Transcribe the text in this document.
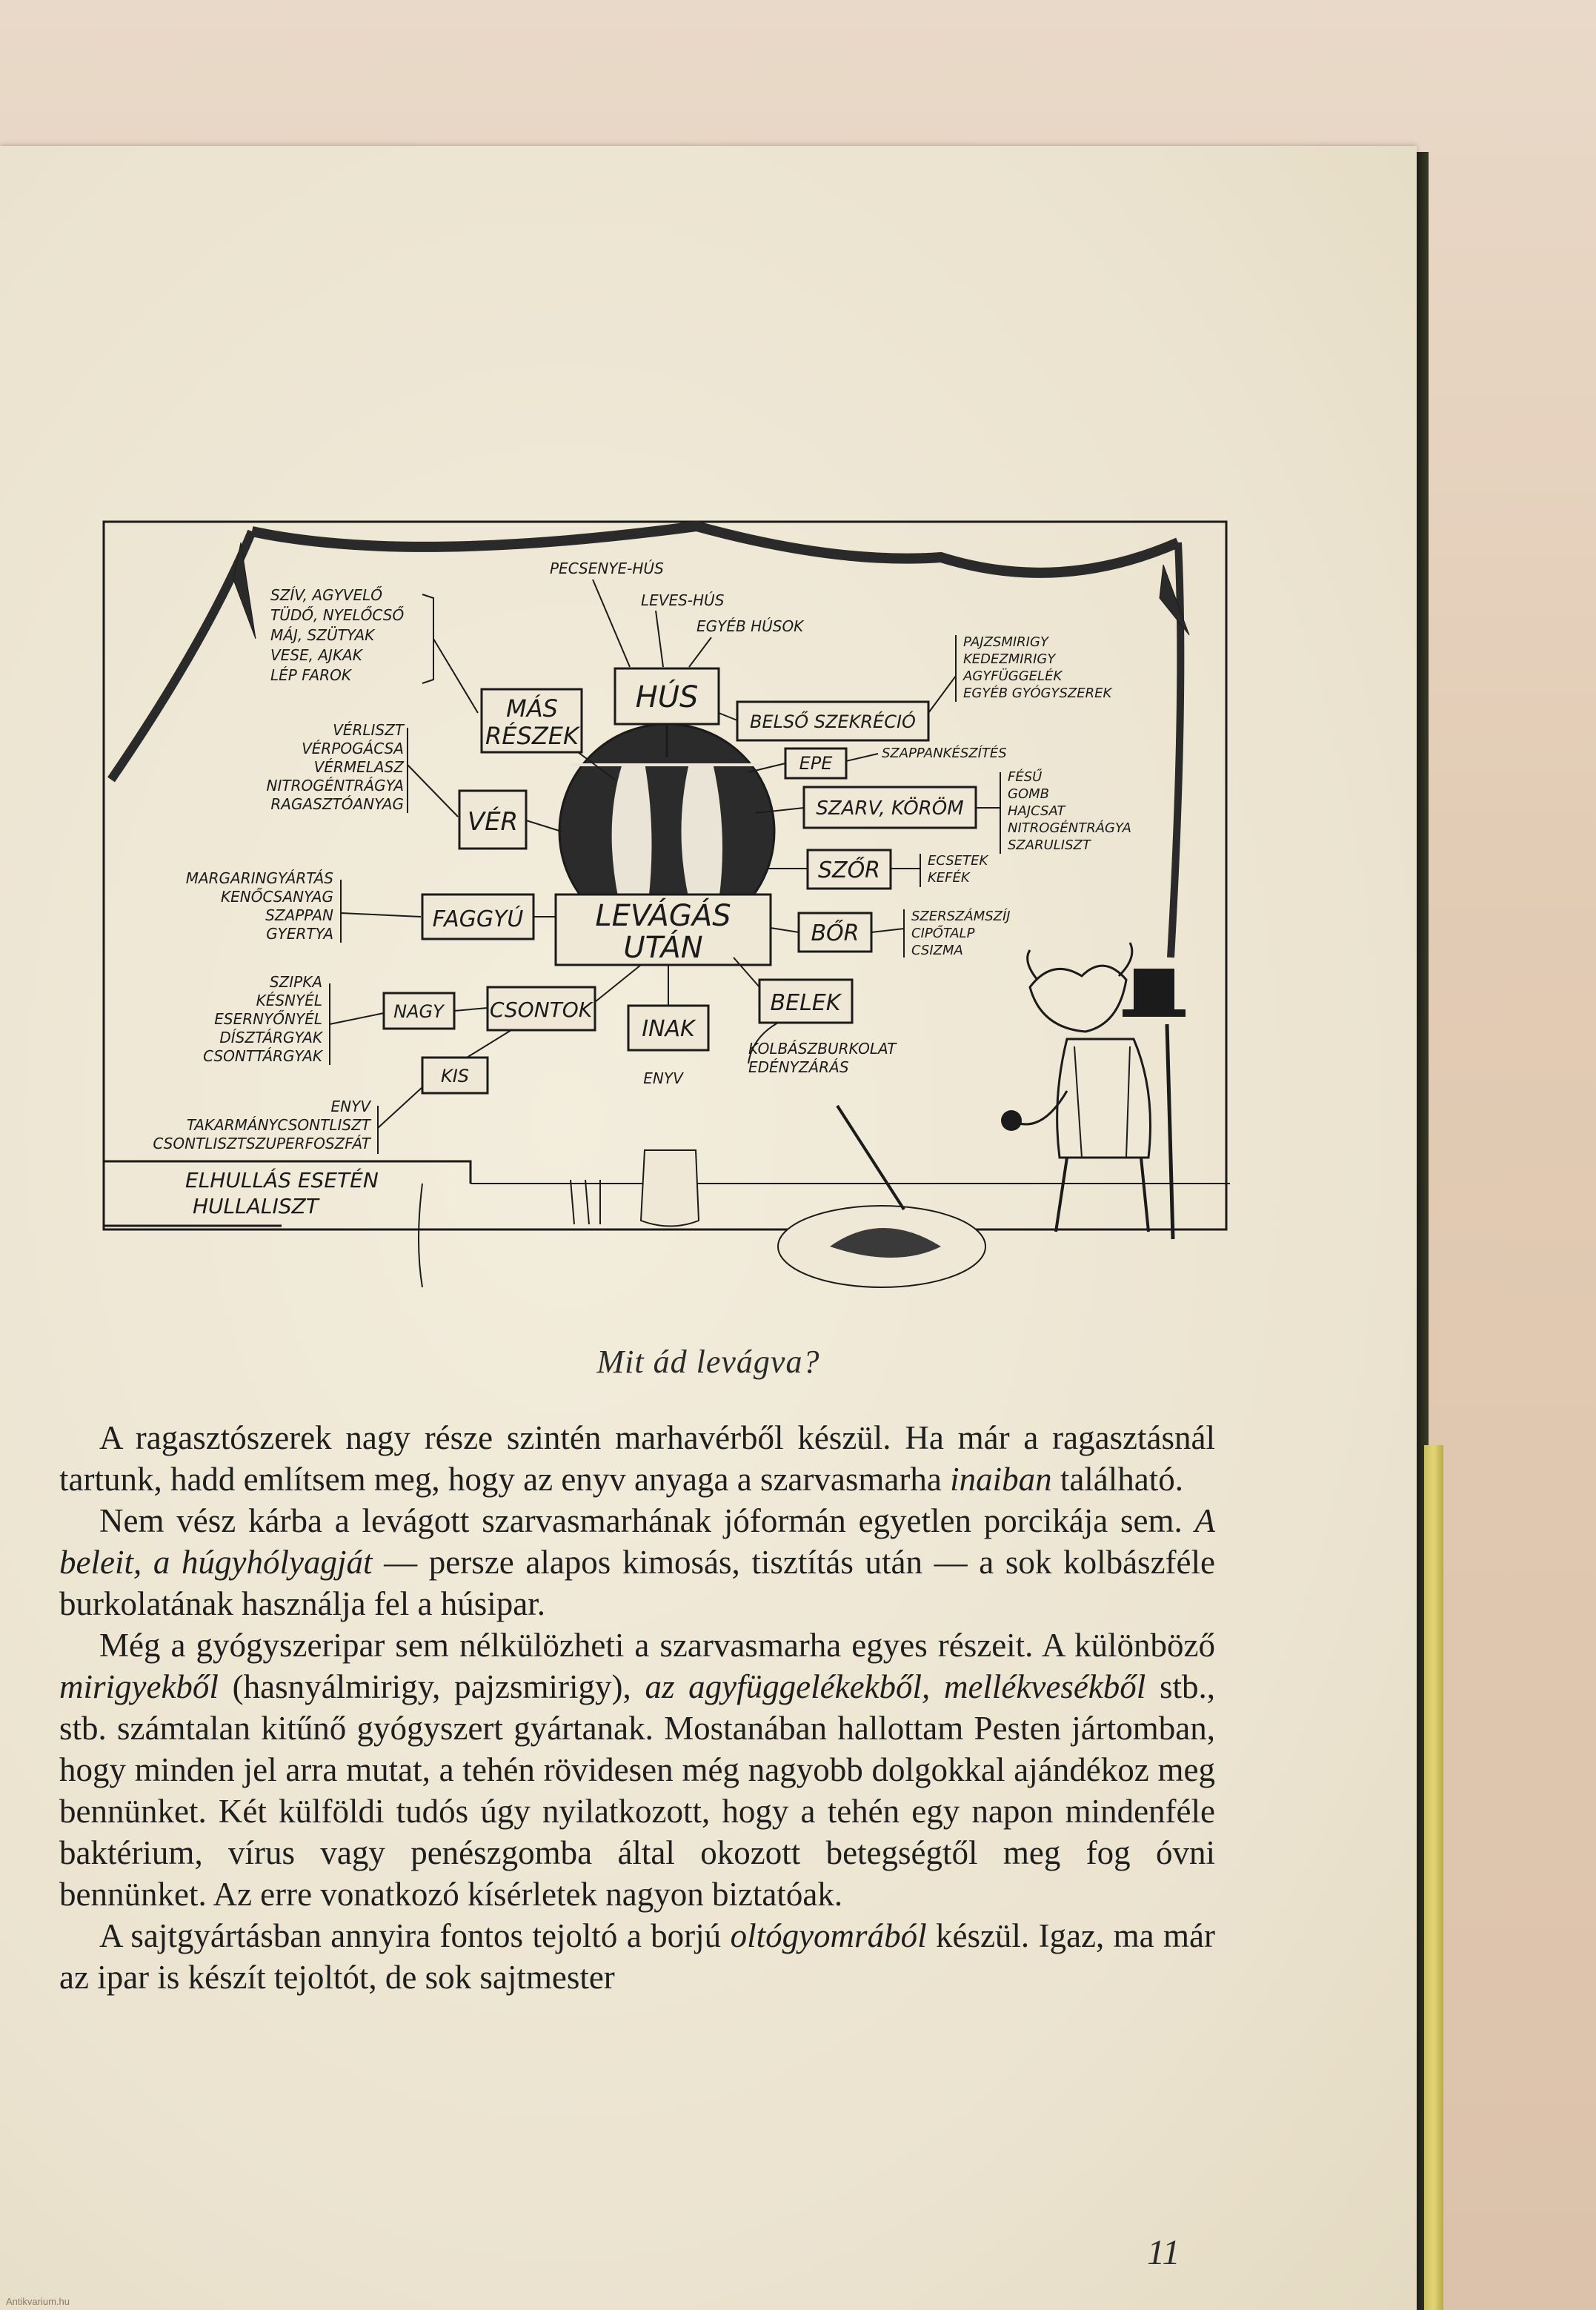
LEVÁGÁS
UTÁN
HÚS
PECSENYE-HÚS
LEVES-HÚS
EGYÉB HÚSOK
MÁS
RÉSZEK
SZÍV, AGYVELŐ
TÜDŐ, NYELŐCSŐ
MÁJ, SZÜTYAK
VESE, AJKAK
LÉP FAROK
VÉR
VÉRLISZT
VÉRPOGÁCSA
VÉRMELASZ
NITROGÉNTRÁGYA
RAGASZTÓANYAG
FAGGYÚ
MARGARINGYÁRTÁS
KENŐCSANYAG
SZAPPAN
GYERTYA
CSONTOK
NAGY
SZIPKA
KÉSNYÉL
ESERNYŐNYÉL
DÍSZTÁRGYAK
CSONTTÁRGYAK
KIS
ENYV
TAKARMÁNYCSONTLISZT
CSONTLISZTSZUPERFOSZFÁT
ELHULLÁS ESETÉN
HULLALISZT
INAK
ENYV
BELEK
KOLBÁSZBURKOLAT
EDÉNYZÁRÁS
BŐR
SZERSZÁMSZÍJ
CIPŐTALP
CSIZMA
SZŐR	ECSETEK
KEFÉK
SZARV, KÖRÖM
FÉSŰ
GOMB
HAJCSAT
NITROGÉNTRÁGYA
SZARULISZT
EPE	SZAPPANKÉSZÍTÉS
BELSŐ SZEKRÉCIÓ
PAJZSMIRIGY
KEDEZMIRIGY
AGYFÜGGELÉK
EGYÉB GYÓGYSZEREK
Mit ád levágva?

A ragasztószerek nagy része szintén marhavérből készül. Ha már a ragasztásnál tartunk, hadd említsem meg, hogy az enyv anyaga a szarvasmarha inaiban található.

Nem vész kárba a levágott szarvasmarhának jóformán egyetlen porcikája sem. A beleit, a húgyhólyagját — persze alapos kimosás, tisztítás után — a sok kolbászféle burkolatának használja fel a húsipar.

Még a gyógyszeripar sem nélkülözheti a szarvasmarha egyes részeit. A különböző mirigyekből (hasnyálmirigy, pajzsmirigy), az agyfüggelékekből, mellékvesékből stb., stb. számtalan kitűnő gyógyszert gyártanak. Mostanában hallottam Pesten jártomban, hogy minden jel arra mutat, a tehén rövidesen még nagyobb dolgokkal ajándékoz meg bennünket. Két külföldi tudós úgy nyilatkozott, hogy a tehén egy napon mindenféle baktérium, vírus vagy penészgomba által okozott betegségtől meg fog óvni bennünket. Az erre vonatkozó kísérletek nagyon biztatóak.

A sajtgyártásban annyira fontos tejoltó a borjú oltógyomrából készül. Igaz, ma már az ipar is készít tejoltót, de sok sajtmester

11
Antikvarium.hu
